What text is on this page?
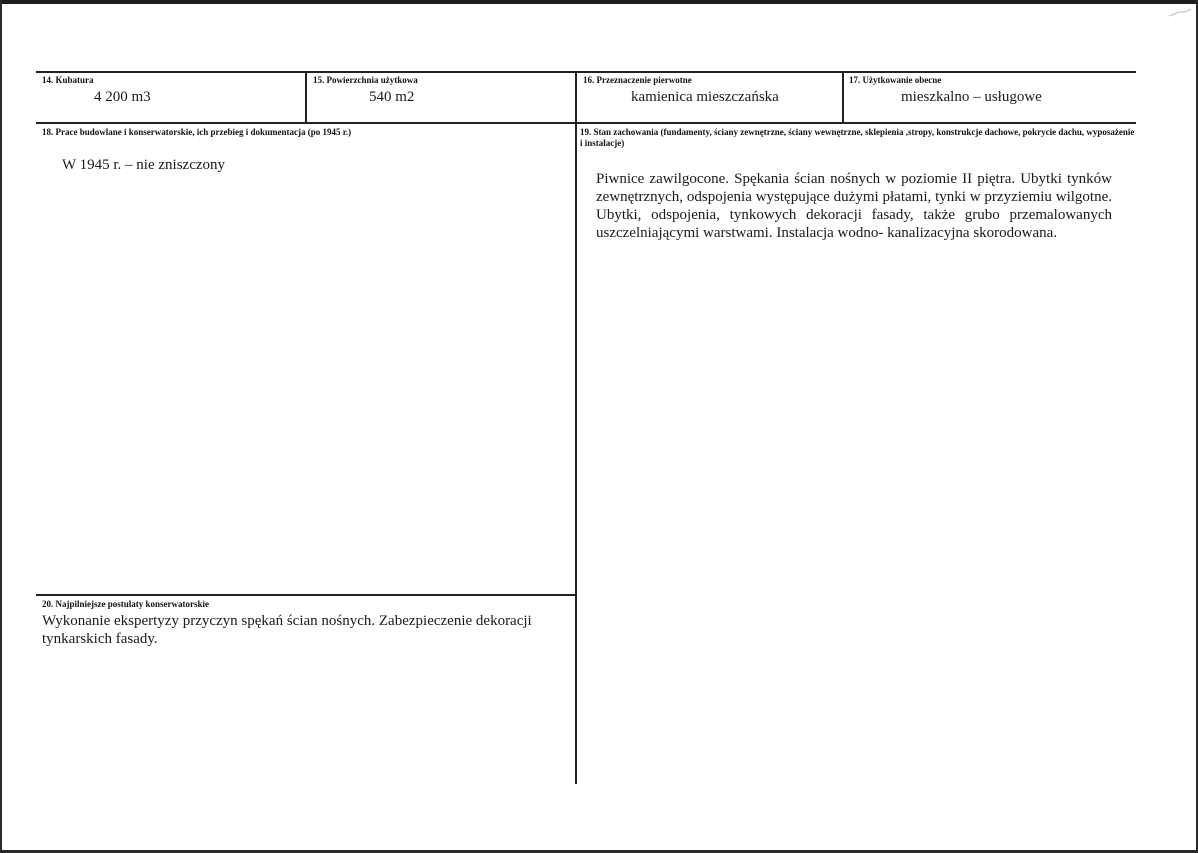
14. Kubatura
4 200 m3
15. Powierzchnia użytkowa
540 m2
16. Przeznaczenie pierwotne
kamienica mieszczańska
17. Użytkowanie obecne
mieszkalno – usługowe
18. Prace budowlane i konserwatorskie, ich przebieg i dokumentacja (po 1945 r.)
W 1945 r. – nie zniszczony
19. Stan zachowania (fundamenty, ściany zewnętrzne, ściany wewnętrzne, sklepienia ,stropy, konstrukcje dachowe, pokrycie dachu, wyposażenie i instalacje)
Piwnice zawilgocone. Spękania ścian nośnych w poziomie II piętra. Ubytki tynków zewnętrznych, odspojenia występujące dużymi płatami, tynki w przyziemiu wilgotne. Ubytki, odspojenia, tynkowych dekoracji fasady, także grubo przemalowanych uszczelniającymi warstwami. Instalacja wodno- kanalizacyjna skorodowana.
20. Najpilniejsze postulaty konserwatorskie
Wykonanie ekspertyzy przyczyn spękań ścian nośnych. Zabezpieczenie dekoracji tynkarskich fasady.
